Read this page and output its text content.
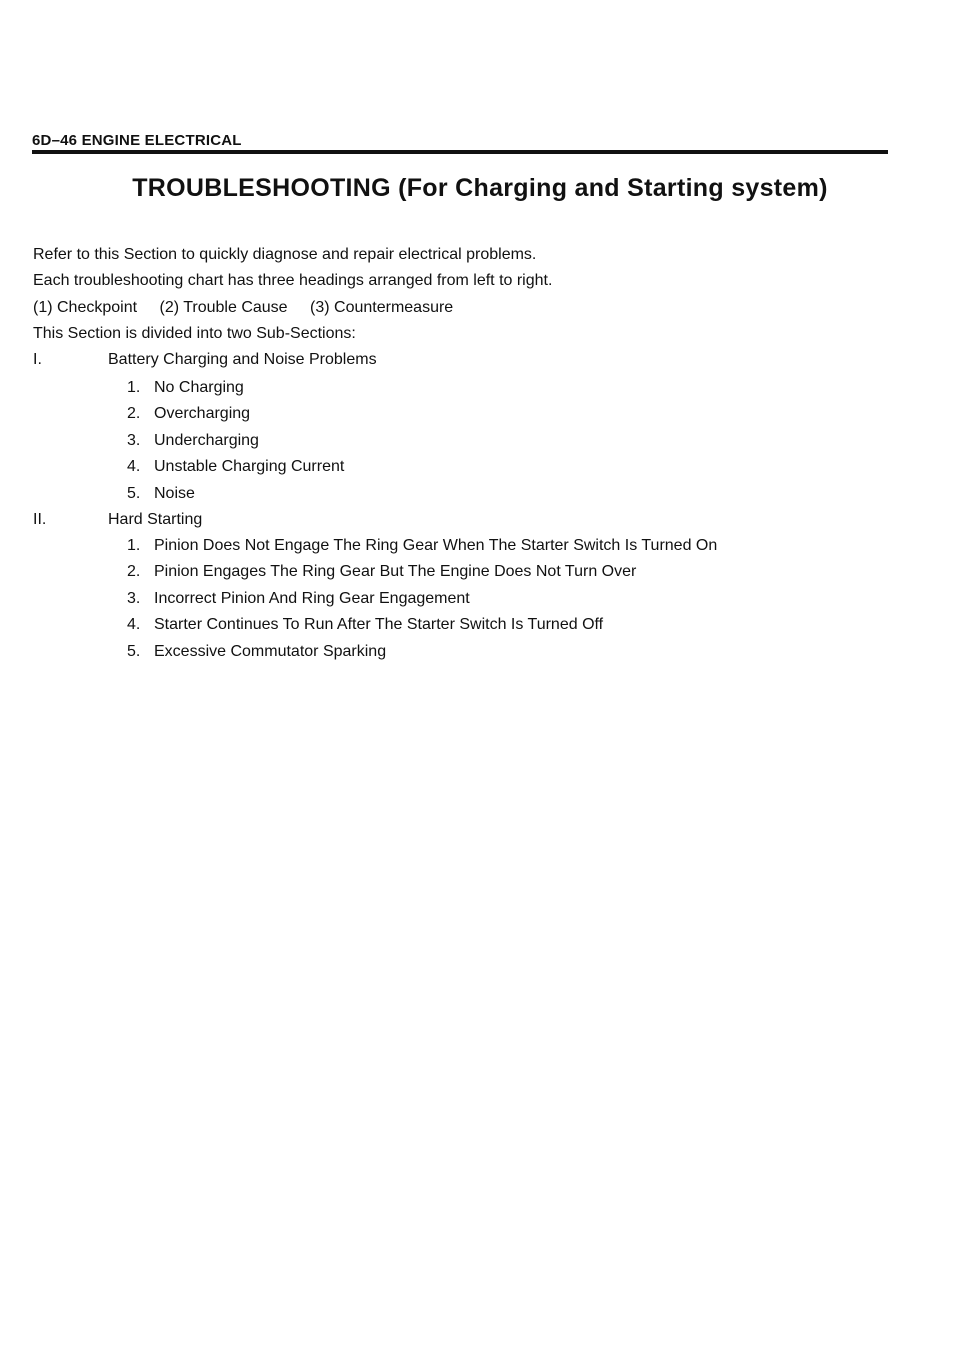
6D–46 ENGINE ELECTRICAL
TROUBLESHOOTING (For Charging and Starting system)
Refer to this Section to quickly diagnose and repair electrical problems.
Each troubleshooting chart has three headings arranged from left to right.
(1) Checkpoint (2) Trouble Cause (3) Countermeasure
This Section is divided into two Sub-Sections:
I.	Battery Charging and Noise Problems
1. No Charging
2. Overcharging
3. Undercharging
4. Unstable Charging Current
5. Noise
II.	Hard Starting
1. Pinion Does Not Engage The Ring Gear When The Starter Switch Is Turned On
2. Pinion Engages The Ring Gear But The Engine Does Not Turn Over
3. Incorrect Pinion And Ring Gear Engagement
4. Starter Continues To Run After The Starter Switch Is Turned Off
5. Excessive Commutator Sparking
